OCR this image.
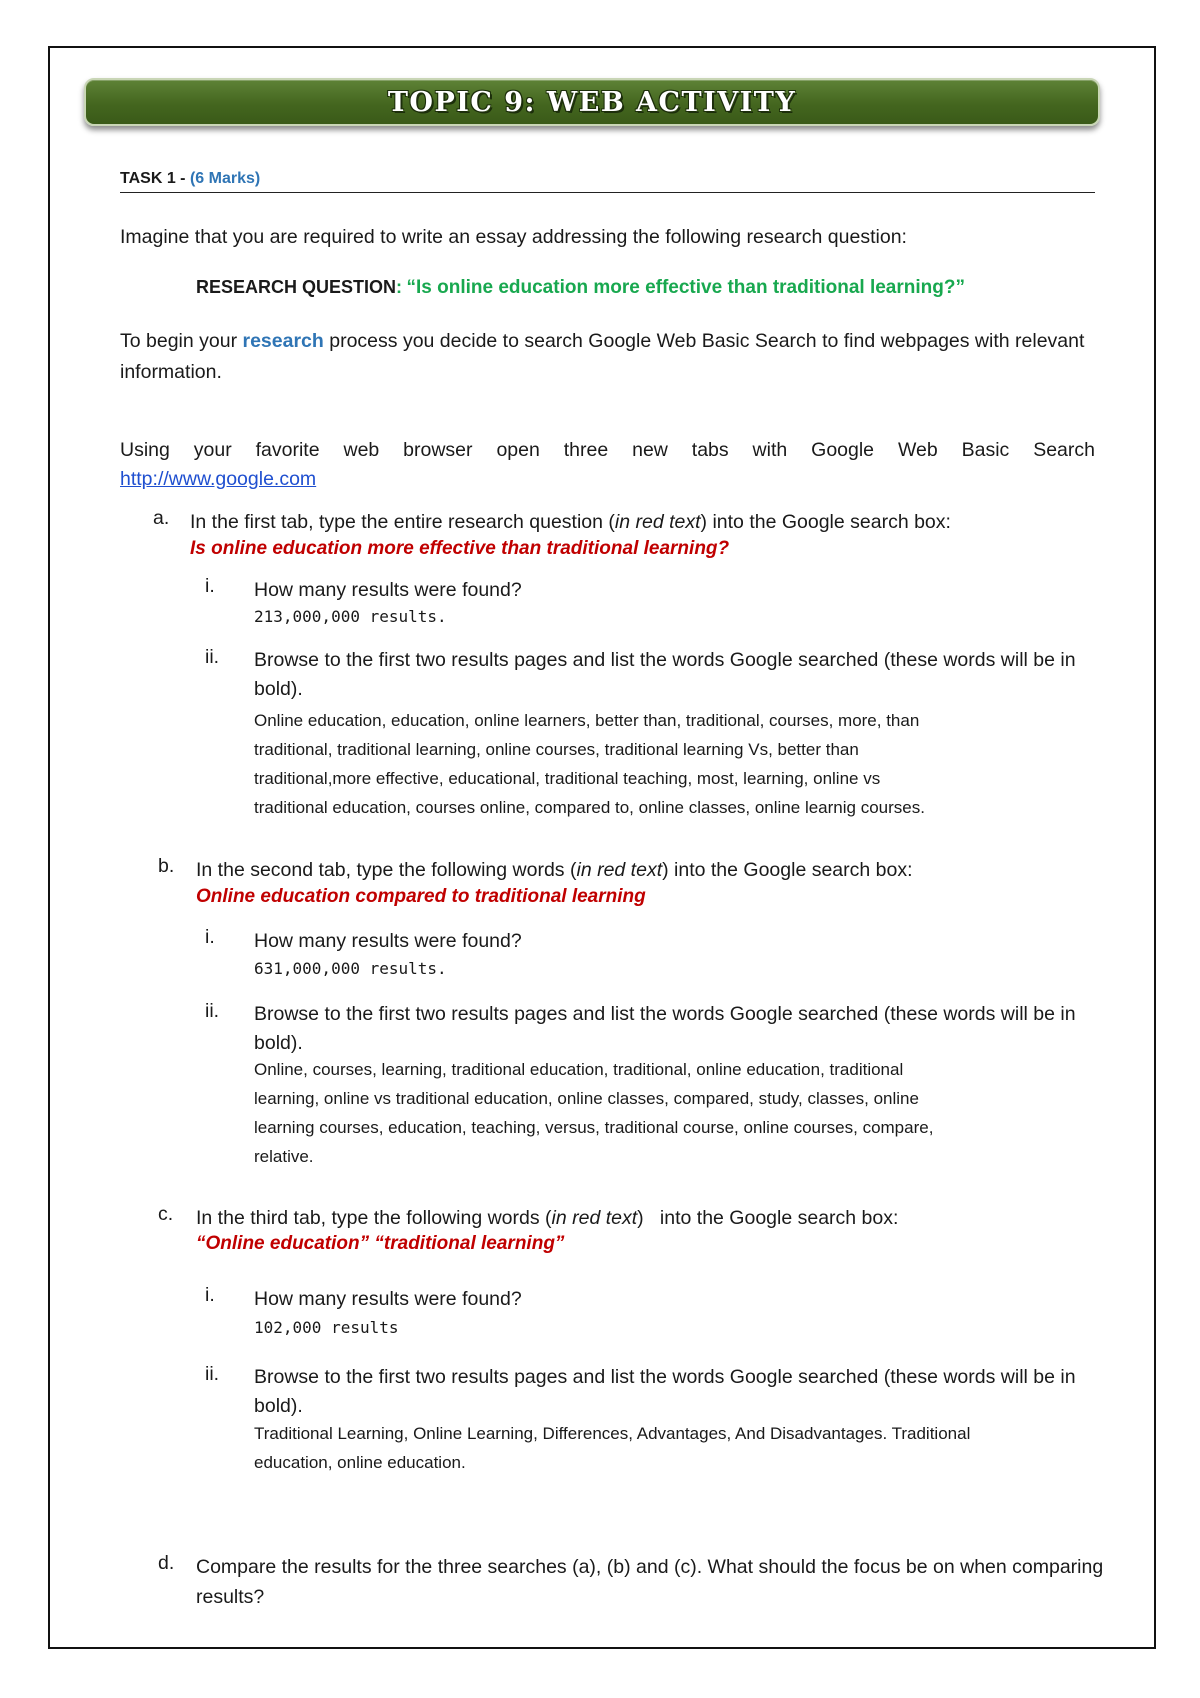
TOPIC 9: WEB ACTIVITY
TASK 1 - (6 Marks)
Imagine that you are required to write an essay addressing the following research question:
RESEARCH QUESTION: “Is online education more effective than traditional learning?”
To begin your research process you decide to search Google Web Basic Search to find webpages with relevant information.
Using your favorite web browser open three new tabs with Google Web Basic Search
http://www.google.com
a. In the first tab, type the entire research question (in red text) into the Google search box:
Is online education more effective than traditional learning?
i. How many results were found?
213,000,000 results.
ii. Browse to the first two results pages and list the words Google searched (these words will be in bold).
Online education, education, online learners, better than, traditional, courses, more, than
traditional, traditional learning, online courses, traditional learning Vs, better than
traditional,more effective, educational, traditional teaching, most, learning, online vs
traditional education, courses online, compared to, online classes, online learnig courses.
b. In the second tab, type the following words (in red text) into the Google search box:
Online education compared to traditional learning
i. How many results were found?
631,000,000 results.
ii. Browse to the first two results pages and list the words Google searched (these words will be in bold).
Online, courses, learning, traditional education, traditional, online education, traditional
learning, online vs traditional education, online classes, compared, study, classes, online
learning courses, education, teaching, versus, traditional course, online courses, compare,
relative.
c. In the third tab, type the following words (in red text)   into the Google search box:
“Online education” “traditional learning”
i. How many results were found?
102,000 results
ii. Browse to the first two results pages and list the words Google searched (these words will be in bold).
Traditional Learning, Online Learning, Differences, Advantages, And Disadvantages. Traditional
education, online education.
d. Compare the results for the three searches (a), (b) and (c). What should the focus be on when comparing results?
